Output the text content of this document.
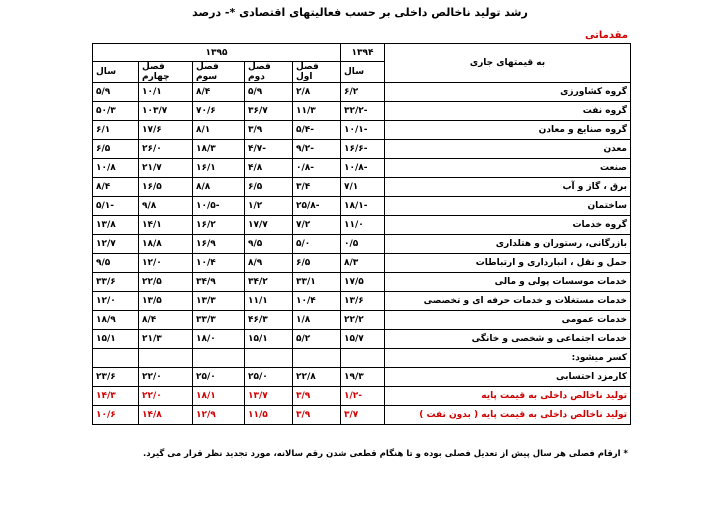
رشد تولید ناخالص داخلی بر حسب فعالیتهای اقتصادی *- درصد
مقدماتی
به قیمتهای جاری	۱۳۹۴	۱۳۹۵				
	سال	فصل اول	فصل دوم	فصل سوم	فصل چهارم	سال
گروه کشاورزی	۶/۲	۲/۸	۵/۹	۸/۴	۱۰/۱	۵/۹
گروه نفت	-۳۲/۲	۱۱/۳	۳۶/۷	۷۰/۶	۱۰۳/۷	۵۰/۳
گروه صنایع و معادن	-۱۰/۱	-۵/۴	۳/۹	۸/۱	۱۷/۶	۶/۱
معدن	-۱۶/۶	-۹/۲	-۴/۷	۱۸/۳	۲۶/۰	۶/۵
صنعت	-۱۰/۸	-۰/۸	۴/۸	۱۶/۱	۲۱/۷	۱۰/۸
برق ، گاز و آب	۷/۱	۳/۴	۶/۵	۸/۸	۱۶/۵	۸/۴
ساختمان	-۱۸/۱	-۲۵/۸	۱/۲	-۱۰/۵	۹/۸	-۵/۱
گروه خدمات	۱۱/۰	۷/۲	۱۷/۷	۱۶/۲	۱۴/۱	۱۳/۸
بازرگانی، رستوران و هتلداری	۰/۵	۵/۰	۹/۵	۱۶/۹	۱۸/۸	۱۲/۷
حمل و نقل ، انبارداری و ارتباطات	۸/۳	۶/۵	۸/۹	۱۰/۴	۱۲/۰	۹/۵
خدمات موسسات پولی و مالی	۱۷/۵	۳۳/۱	۳۴/۲	۳۴/۹	۲۲/۵	۳۳/۶
خدمات مستغلات و خدمات حرفه ای و تخصصی	۱۳/۶	۱۰/۴	۱۱/۱	۱۳/۳	۱۳/۵	۱۲/۰
خدمات عمومی	۲۲/۲	۱/۸	۴۶/۳	۳۳/۳	۸/۴	۱۸/۹
خدمات اجتماعی و شخصی و خانگی	۱۵/۷	۵/۲	۱۵/۱	۱۸/۰	۲۱/۳	۱۵/۱
کسر میشود:						
کارمزد احتسابی	۱۹/۳	۲۲/۸	۲۵/۰	۲۵/۰	۲۲/۰	۲۳/۶
تولید ناخالص داخلی به قیمت پایه	-۱/۲	۳/۹	۱۳/۷	۱۸/۱	۲۲/۰	۱۴/۳
تولید ناخالص داخلی به قیمت پایه ( بدون نفت )	۳/۷	۳/۹	۱۱/۵	۱۲/۹	۱۴/۸	۱۰/۶
* ارقام فصلی هر سال پیش از تعدیل فصلی بوده و تا هنگام قطعی شدن رقم سالانه، مورد تجدید نظر قرار می گیرد.
